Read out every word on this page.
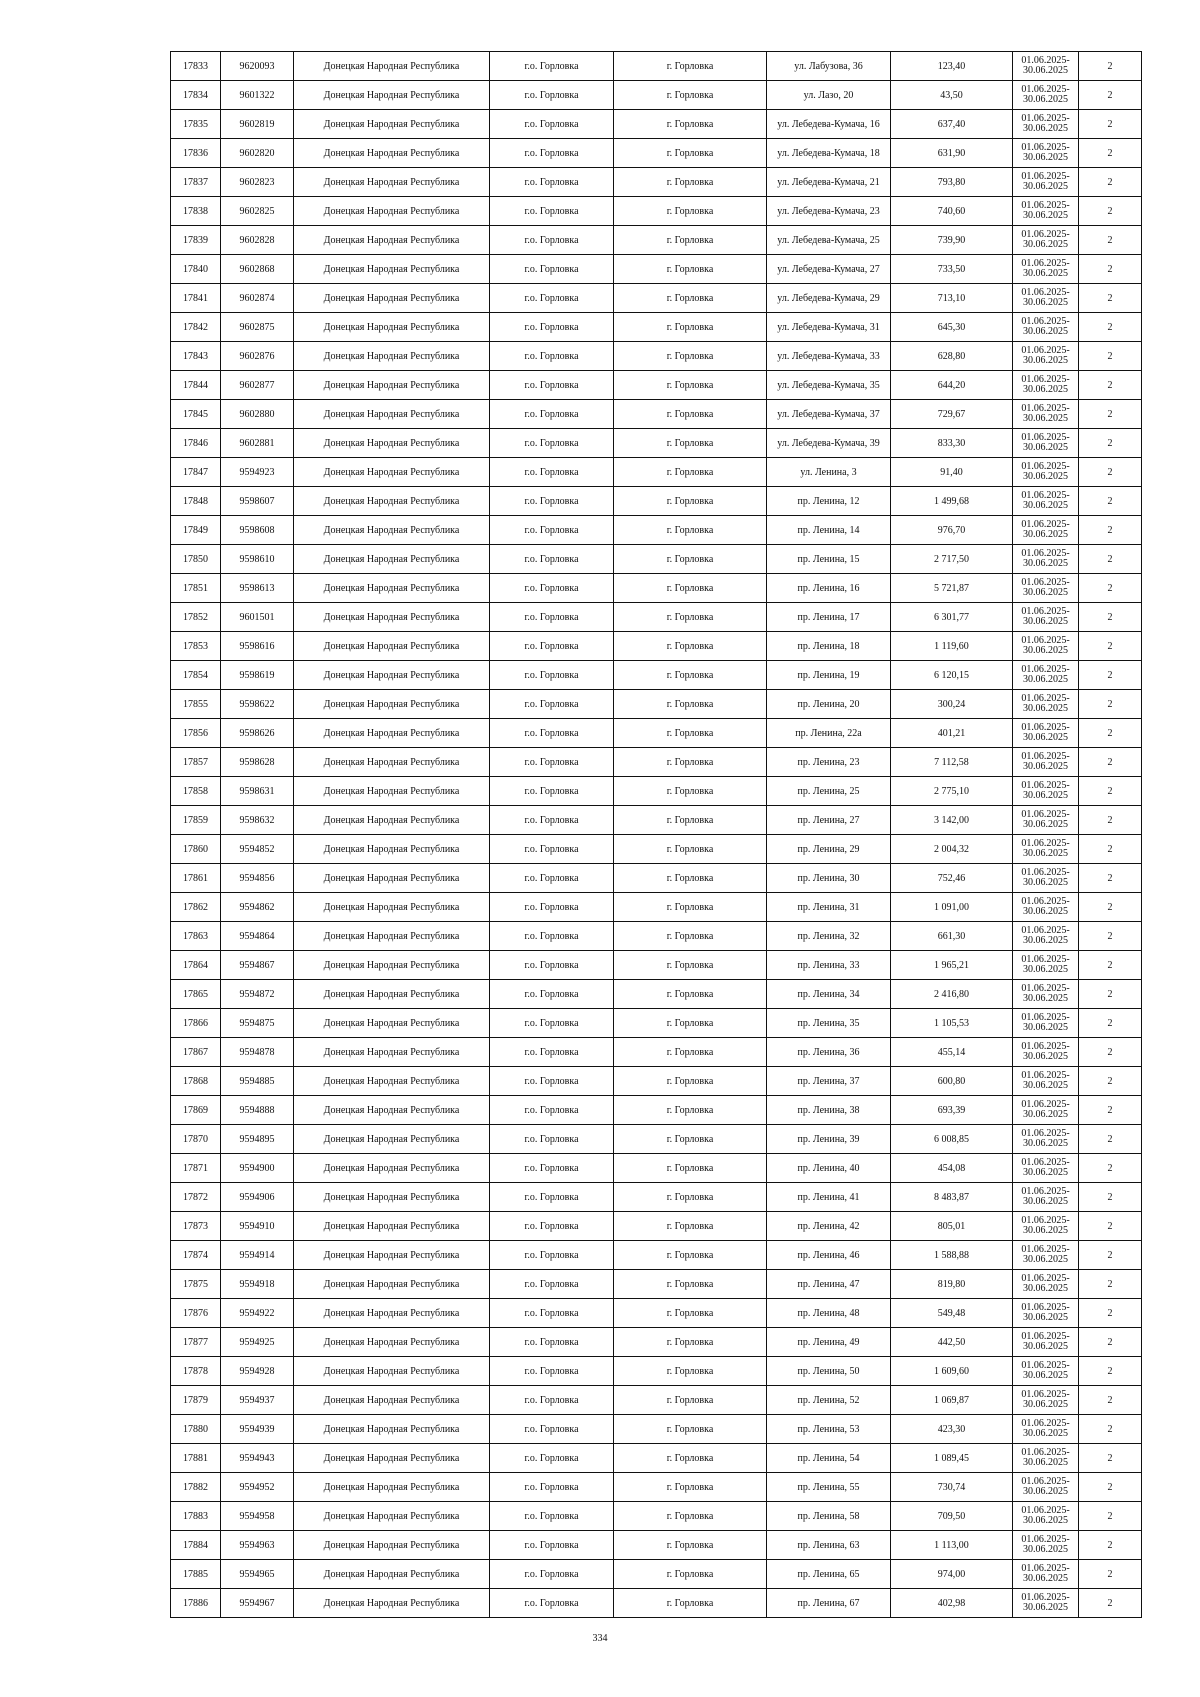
17833	9620093	Донецкая Народная Республика	г.о. Горловка	г. Горловка	ул. Лабузова, 36	123,40	01.06.2025-30.06.2025	2
17834	9601322	Донецкая Народная Республика	г.о. Горловка	г. Горловка	ул. Лазо, 20	43,50	01.06.2025-30.06.2025	2
17835	9602819	Донецкая Народная Республика	г.о. Горловка	г. Горловка	ул. Лебедева-Кумача, 16	637,40	01.06.2025-30.06.2025	2
17836	9602820	Донецкая Народная Республика	г.о. Горловка	г. Горловка	ул. Лебедева-Кумача, 18	631,90	01.06.2025-30.06.2025	2
17837	9602823	Донецкая Народная Республика	г.о. Горловка	г. Горловка	ул. Лебедева-Кумача, 21	793,80	01.06.2025-30.06.2025	2
17838	9602825	Донецкая Народная Республика	г.о. Горловка	г. Горловка	ул. Лебедева-Кумача, 23	740,60	01.06.2025-30.06.2025	2
17839	9602828	Донецкая Народная Республика	г.о. Горловка	г. Горловка	ул. Лебедева-Кумача, 25	739,90	01.06.2025-30.06.2025	2
17840	9602868	Донецкая Народная Республика	г.о. Горловка	г. Горловка	ул. Лебедева-Кумача, 27	733,50	01.06.2025-30.06.2025	2
17841	9602874	Донецкая Народная Республика	г.о. Горловка	г. Горловка	ул. Лебедева-Кумача, 29	713,10	01.06.2025-30.06.2025	2
17842	9602875	Донецкая Народная Республика	г.о. Горловка	г. Горловка	ул. Лебедева-Кумача, 31	645,30	01.06.2025-30.06.2025	2
17843	9602876	Донецкая Народная Республика	г.о. Горловка	г. Горловка	ул. Лебедева-Кумача, 33	628,80	01.06.2025-30.06.2025	2
17844	9602877	Донецкая Народная Республика	г.о. Горловка	г. Горловка	ул. Лебедева-Кумача, 35	644,20	01.06.2025-30.06.2025	2
17845	9602880	Донецкая Народная Республика	г.о. Горловка	г. Горловка	ул. Лебедева-Кумача, 37	729,67	01.06.2025-30.06.2025	2
17846	9602881	Донецкая Народная Республика	г.о. Горловка	г. Горловка	ул. Лебедева-Кумача, 39	833,30	01.06.2025-30.06.2025	2
17847	9594923	Донецкая Народная Республика	г.о. Горловка	г. Горловка	ул. Ленина, 3	91,40	01.06.2025-30.06.2025	2
17848	9598607	Донецкая Народная Республика	г.о. Горловка	г. Горловка	пр. Ленина, 12	1 499,68	01.06.2025-30.06.2025	2
17849	9598608	Донецкая Народная Республика	г.о. Горловка	г. Горловка	пр. Ленина, 14	976,70	01.06.2025-30.06.2025	2
17850	9598610	Донецкая Народная Республика	г.о. Горловка	г. Горловка	пр. Ленина, 15	2 717,50	01.06.2025-30.06.2025	2
17851	9598613	Донецкая Народная Республика	г.о. Горловка	г. Горловка	пр. Ленина, 16	5 721,87	01.06.2025-30.06.2025	2
17852	9601501	Донецкая Народная Республика	г.о. Горловка	г. Горловка	пр. Ленина, 17	6 301,77	01.06.2025-30.06.2025	2
17853	9598616	Донецкая Народная Республика	г.о. Горловка	г. Горловка	пр. Ленина, 18	1 119,60	01.06.2025-30.06.2025	2
17854	9598619	Донецкая Народная Республика	г.о. Горловка	г. Горловка	пр. Ленина, 19	6 120,15	01.06.2025-30.06.2025	2
17855	9598622	Донецкая Народная Республика	г.о. Горловка	г. Горловка	пр. Ленина, 20	300,24	01.06.2025-30.06.2025	2
17856	9598626	Донецкая Народная Республика	г.о. Горловка	г. Горловка	пр. Ленина, 22а	401,21	01.06.2025-30.06.2025	2
17857	9598628	Донецкая Народная Республика	г.о. Горловка	г. Горловка	пр. Ленина, 23	7 112,58	01.06.2025-30.06.2025	2
17858	9598631	Донецкая Народная Республика	г.о. Горловка	г. Горловка	пр. Ленина, 25	2 775,10	01.06.2025-30.06.2025	2
17859	9598632	Донецкая Народная Республика	г.о. Горловка	г. Горловка	пр. Ленина, 27	3 142,00	01.06.2025-30.06.2025	2
17860	9594852	Донецкая Народная Республика	г.о. Горловка	г. Горловка	пр. Ленина, 29	2 004,32	01.06.2025-30.06.2025	2
17861	9594856	Донецкая Народная Республика	г.о. Горловка	г. Горловка	пр. Ленина, 30	752,46	01.06.2025-30.06.2025	2
17862	9594862	Донецкая Народная Республика	г.о. Горловка	г. Горловка	пр. Ленина, 31	1 091,00	01.06.2025-30.06.2025	2
17863	9594864	Донецкая Народная Республика	г.о. Горловка	г. Горловка	пр. Ленина, 32	661,30	01.06.2025-30.06.2025	2
17864	9594867	Донецкая Народная Республика	г.о. Горловка	г. Горловка	пр. Ленина, 33	1 965,21	01.06.2025-30.06.2025	2
17865	9594872	Донецкая Народная Республика	г.о. Горловка	г. Горловка	пр. Ленина, 34	2 416,80	01.06.2025-30.06.2025	2
17866	9594875	Донецкая Народная Республика	г.о. Горловка	г. Горловка	пр. Ленина, 35	1 105,53	01.06.2025-30.06.2025	2
17867	9594878	Донецкая Народная Республика	г.о. Горловка	г. Горловка	пр. Ленина, 36	455,14	01.06.2025-30.06.2025	2
17868	9594885	Донецкая Народная Республика	г.о. Горловка	г. Горловка	пр. Ленина, 37	600,80	01.06.2025-30.06.2025	2
17869	9594888	Донецкая Народная Республика	г.о. Горловка	г. Горловка	пр. Ленина, 38	693,39	01.06.2025-30.06.2025	2
17870	9594895	Донецкая Народная Республика	г.о. Горловка	г. Горловка	пр. Ленина, 39	6 008,85	01.06.2025-30.06.2025	2
17871	9594900	Донецкая Народная Республика	г.о. Горловка	г. Горловка	пр. Ленина, 40	454,08	01.06.2025-30.06.2025	2
17872	9594906	Донецкая Народная Республика	г.о. Горловка	г. Горловка	пр. Ленина, 41	8 483,87	01.06.2025-30.06.2025	2
17873	9594910	Донецкая Народная Республика	г.о. Горловка	г. Горловка	пр. Ленина, 42	805,01	01.06.2025-30.06.2025	2
17874	9594914	Донецкая Народная Республика	г.о. Горловка	г. Горловка	пр. Ленина, 46	1 588,88	01.06.2025-30.06.2025	2
17875	9594918	Донецкая Народная Республика	г.о. Горловка	г. Горловка	пр. Ленина, 47	819,80	01.06.2025-30.06.2025	2
17876	9594922	Донецкая Народная Республика	г.о. Горловка	г. Горловка	пр. Ленина, 48	549,48	01.06.2025-30.06.2025	2
17877	9594925	Донецкая Народная Республика	г.о. Горловка	г. Горловка	пр. Ленина, 49	442,50	01.06.2025-30.06.2025	2
17878	9594928	Донецкая Народная Республика	г.о. Горловка	г. Горловка	пр. Ленина, 50	1 609,60	01.06.2025-30.06.2025	2
17879	9594937	Донецкая Народная Республика	г.о. Горловка	г. Горловка	пр. Ленина, 52	1 069,87	01.06.2025-30.06.2025	2
17880	9594939	Донецкая Народная Республика	г.о. Горловка	г. Горловка	пр. Ленина, 53	423,30	01.06.2025-30.06.2025	2
17881	9594943	Донецкая Народная Республика	г.о. Горловка	г. Горловка	пр. Ленина, 54	1 089,45	01.06.2025-30.06.2025	2
17882	9594952	Донецкая Народная Республика	г.о. Горловка	г. Горловка	пр. Ленина, 55	730,74	01.06.2025-30.06.2025	2
17883	9594958	Донецкая Народная Республика	г.о. Горловка	г. Горловка	пр. Ленина, 58	709,50	01.06.2025-30.06.2025	2
17884	9594963	Донецкая Народная Республика	г.о. Горловка	г. Горловка	пр. Ленина, 63	1 113,00	01.06.2025-30.06.2025	2
17885	9594965	Донецкая Народная Республика	г.о. Горловка	г. Горловка	пр. Ленина, 65	974,00	01.06.2025-30.06.2025	2
17886	9594967	Донецкая Народная Республика	г.о. Горловка	г. Горловка	пр. Ленина, 67	402,98	01.06.2025-30.06.2025	2
334
